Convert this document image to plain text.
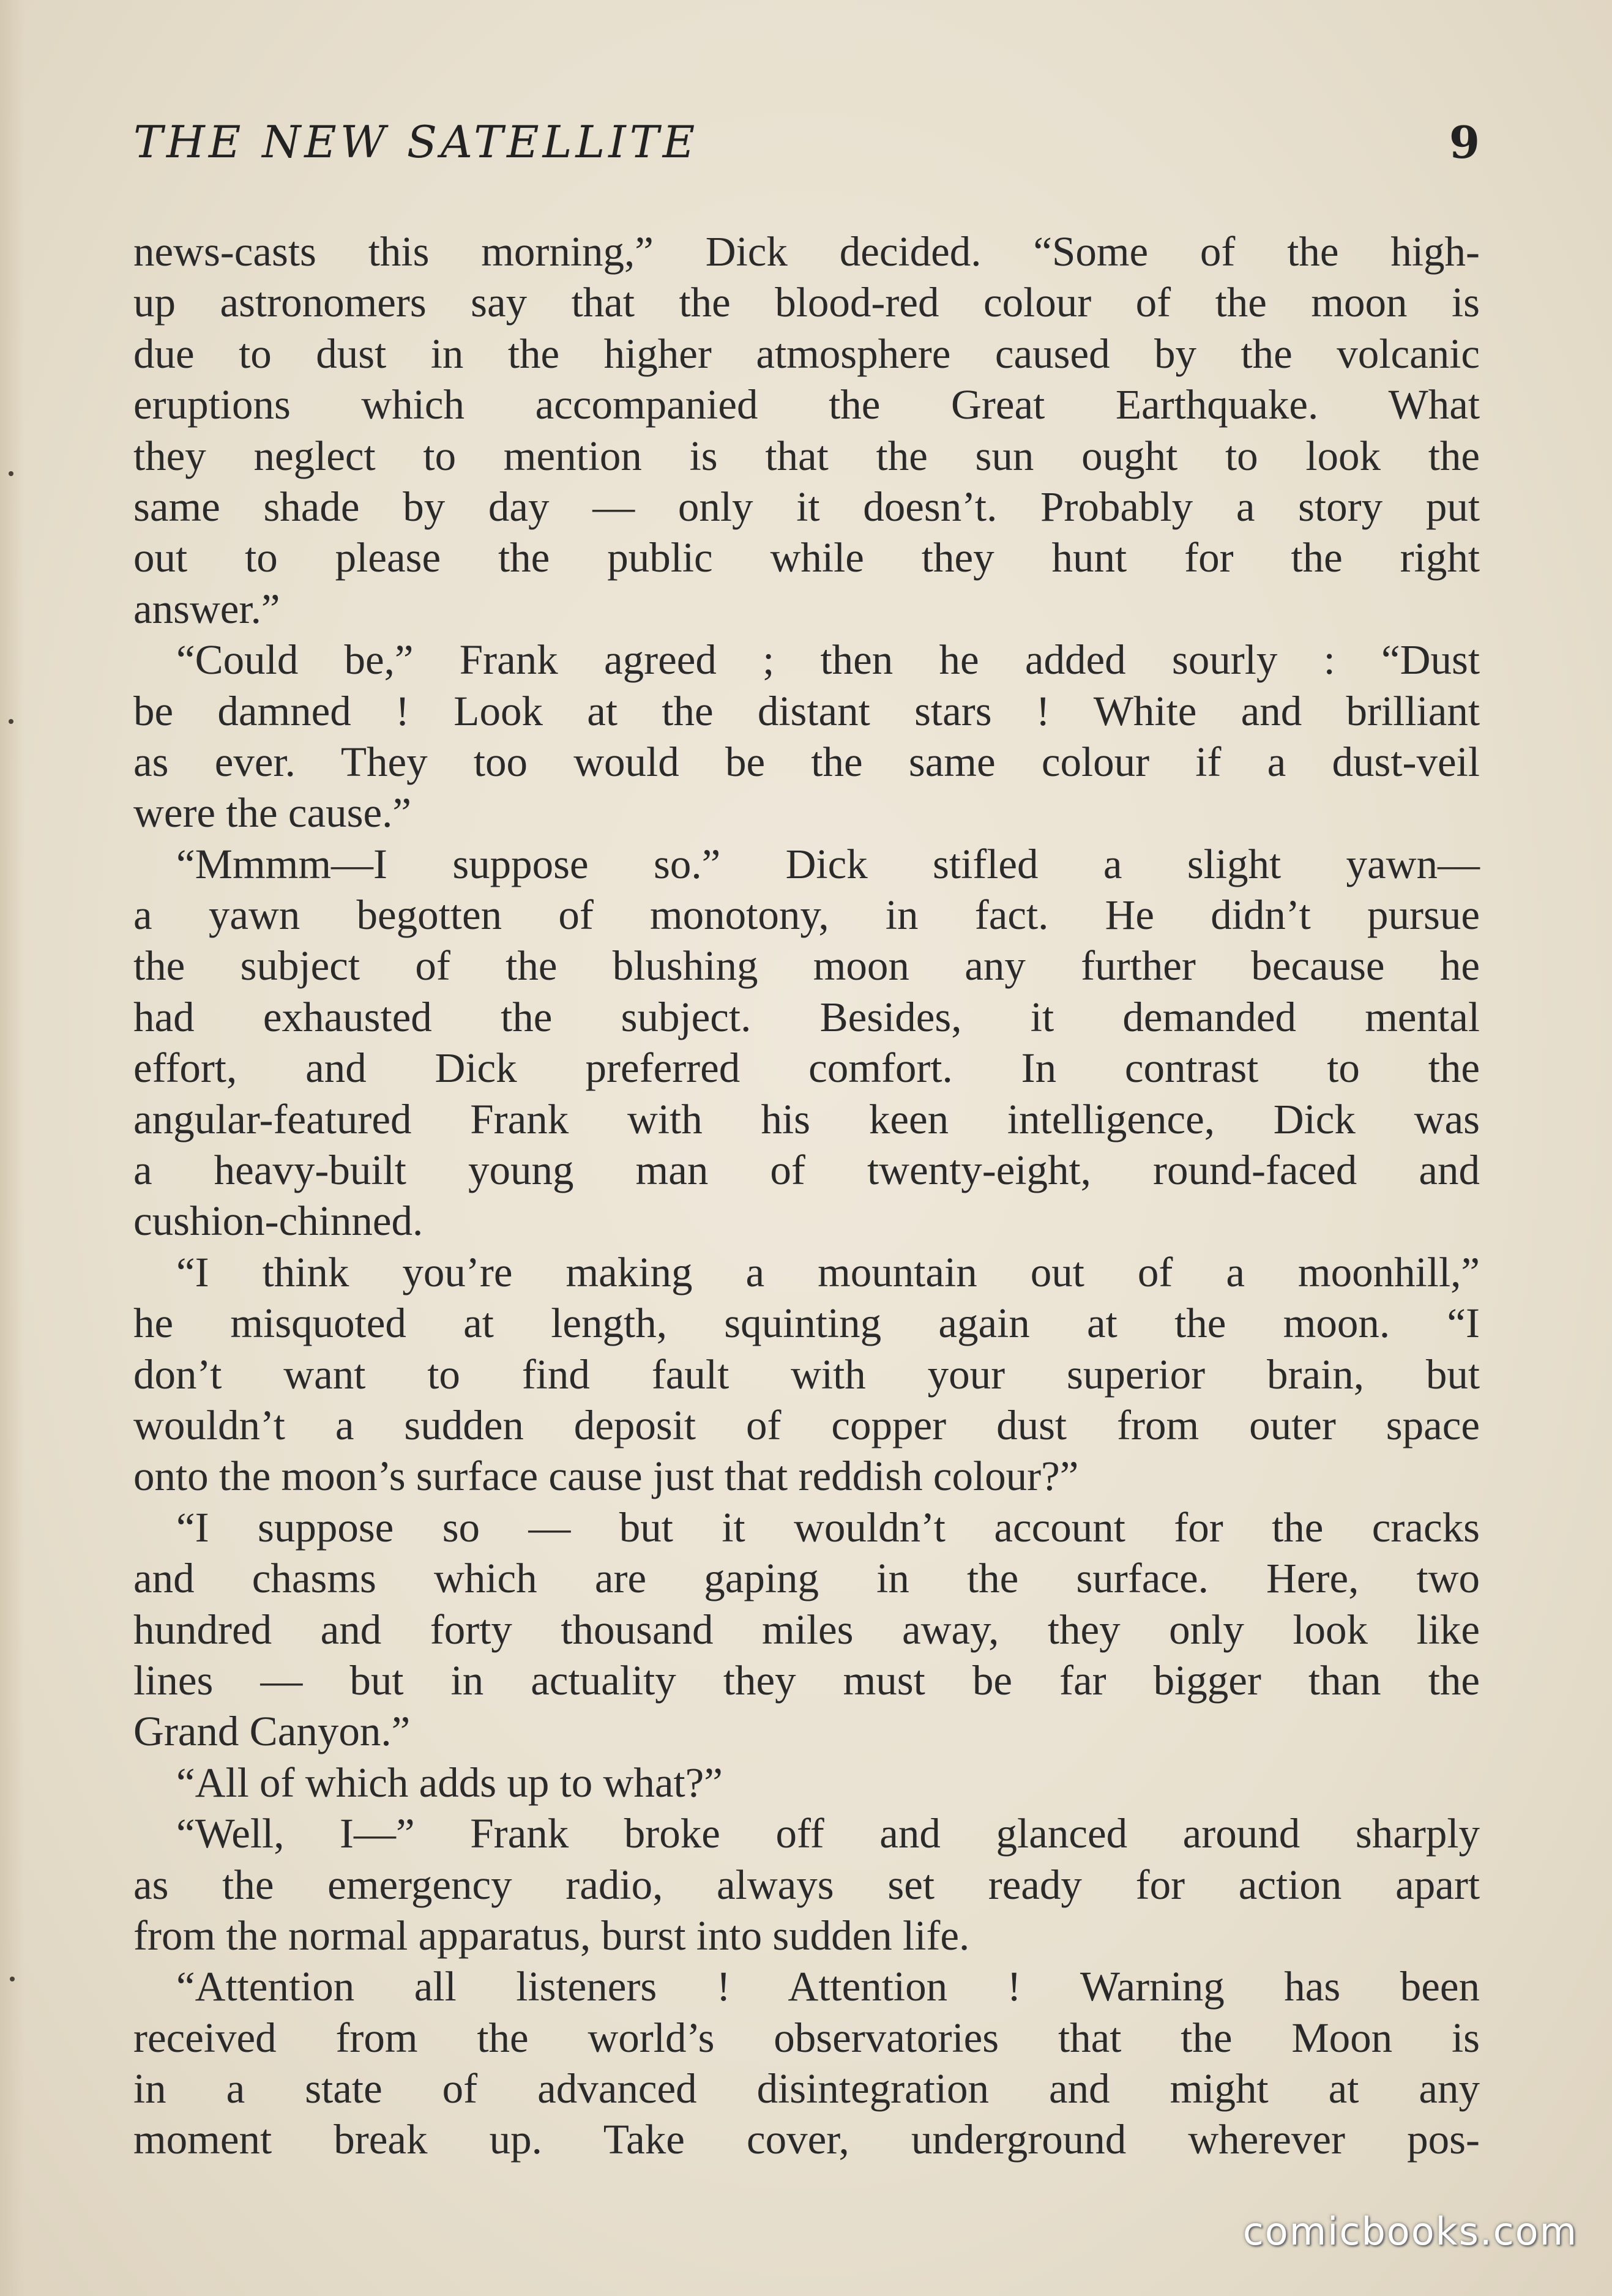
THE NEW SATELLITE	9
news-casts this morning,” Dick decided. “Some of the high-
up astronomers say that the blood-red colour of the moon is
due to dust in the higher atmosphere caused by the volcanic
eruptions which accompanied the Great Earthquake. What
they neglect to mention is that the sun ought to look the
same shade by day — only it doesn’t. Probably a story put
out to please the public while they hunt for the right
answer.”
“Could be,” Frank agreed ; then he added sourly : “Dust
be damned ! Look at the distant stars ! White and brilliant
as ever. They too would be the same colour if a dust-veil
were the cause.”
“Mmmm—I suppose so.” Dick stifled a slight yawn—
a yawn begotten of monotony, in fact. He didn’t pursue
the subject of the blushing moon any further because he
had exhausted the subject. Besides, it demanded mental
effort, and Dick preferred comfort. In contrast to the
angular-featured Frank with his keen intelligence, Dick was
a heavy-built young man of twenty-eight, round-faced and
cushion-chinned.
“I think you’re making a mountain out of a moonhill,”
he misquoted at length, squinting again at the moon. “I
don’t want to find fault with your superior brain, but
wouldn’t a sudden deposit of copper dust from outer space
onto the moon’s surface cause just that reddish colour?”
“I suppose so — but it wouldn’t account for the cracks
and chasms which are gaping in the surface. Here, two
hundred and forty thousand miles away, they only look like
lines — but in actuality they must be far bigger than the
Grand Canyon.”
“All of which adds up to what?”
“Well, I—” Frank broke off and glanced around sharply
as the emergency radio, always set ready for action apart
from the normal apparatus, burst into sudden life.
“Attention all listeners ! Attention ! Warning has been
received from the world’s observatories that the Moon is
in a state of advanced disintegration and might at any
moment break up. Take cover, underground wherever pos-
comicbooks.com
